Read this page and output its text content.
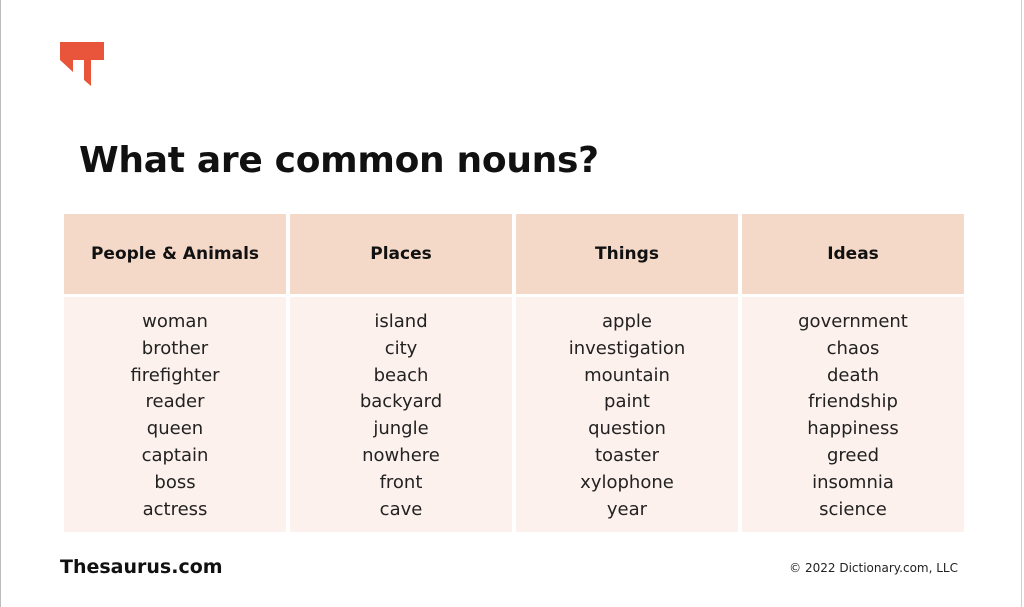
What are common nouns?
People & Animals
woman
brother
firefighter
reader
queen
captain
boss
actress
Places
island
city
beach
backyard
jungle
nowhere
front
cave
Things
apple
investigation
mountain
paint
question
toaster
xylophone
year
Ideas
government
chaos
death
friendship
happiness
greed
insomnia
science
Thesaurus.com	© 2022 Dictionary.com, LLC
